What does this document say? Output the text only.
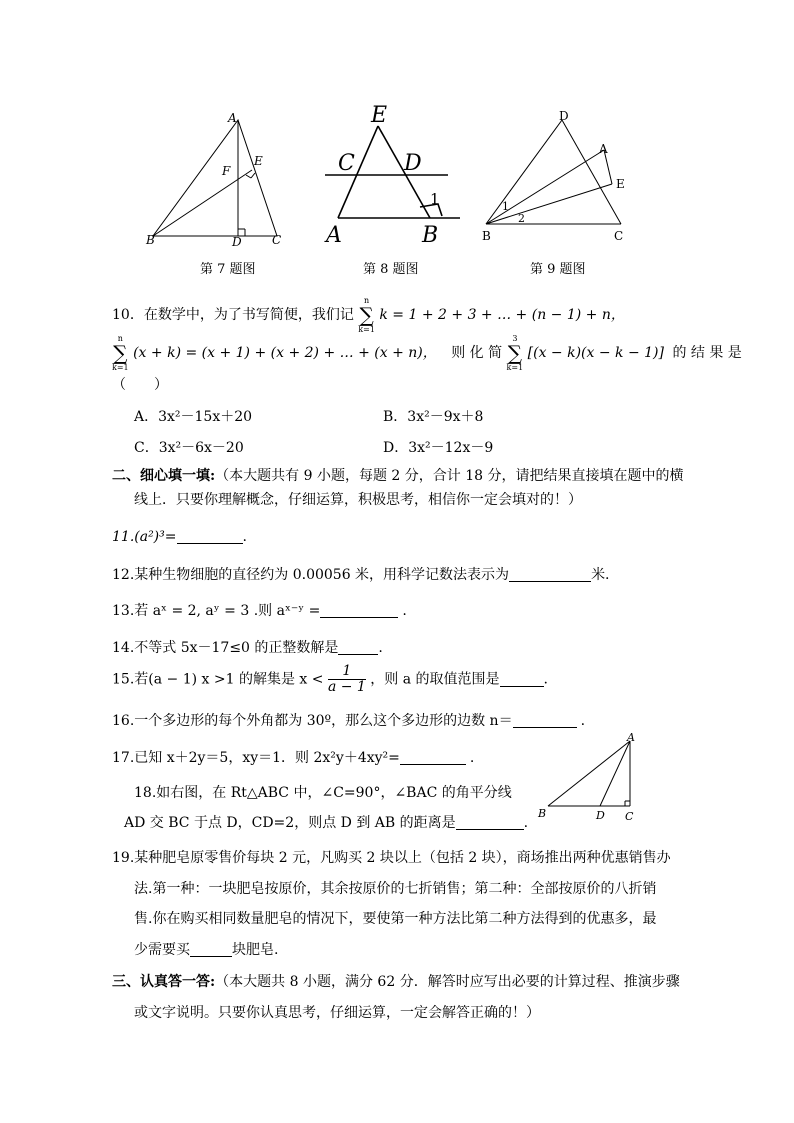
A
E
F
B	D	C
第 7 题图
E
C D
1
A	B
第 8 题图
D
A
E
1
2
B	C
第 9 题图
10．在数学中，为了书写简便，我们记 n
∑
k=1 k = 1 + 2 + 3 + … + (n − 1) + n，
n
∑
k=1 (x + k) = (x + 1) + (x + 2) + … + (x + n)， 则 化 简 3
∑
k=1 [(x − k)(x − k − 1)] 的 结 果 是
（　　）
A．3x²－15x＋20	B．3x²－9x＋8
C．3x²－6x－20	D．3x²－12x－9
二、细心填一填:（本大题共有 9 小题，每题 2 分，合计 18 分，请把结果直接填在题中的横
线上．只要你理解概念，仔细运算，积极思考，相信你一定会填对的！）
11.(a²)³=	.
12.某种生物细胞的直径约为 0.00056 米，用科学记数法表示为	米.
13.若 aˣ = 2, aʸ = 3 .则 aˣ⁻ʸ =	.
14.不等式 5x－17≤0 的正整数解是	.
15.若(a − 1) x >1 的解集是 $x < \frac{1}{a - 1}$ ，则 a 的取值范围是	.
16.一个多边形的每个外角都为 30º，那么这个多边形的边数 n＝	.
17.已知 x＋2y＝5，xy＝1．则 2x²y＋4xy²=	.
A
B	D C
18.如右图，在 Rt△ABC 中，∠C=90°，∠BAC 的角平分线
AD 交 BC 于点 D，CD=2，则点 D 到 AB 的距离是	.
19.某种肥皂原零售价每块 2 元，凡购买 2 块以上（包括 2 块），商场推出两种优惠销售办
法.第一种：一块肥皂按原价，其余按原价的七折销售；第二种：全部按原价的八折销
售.你在购买相同数量肥皂的情况下，要使第一种方法比第二种方法得到的优惠多，最
少需要买	块肥皂.
三、认真答一答:（本大题共 8 小题，满分 62 分．解答时应写出必要的计算过程、推演步骤
或文字说明。只要你认真思考，仔细运算，一定会解答正确的！）
